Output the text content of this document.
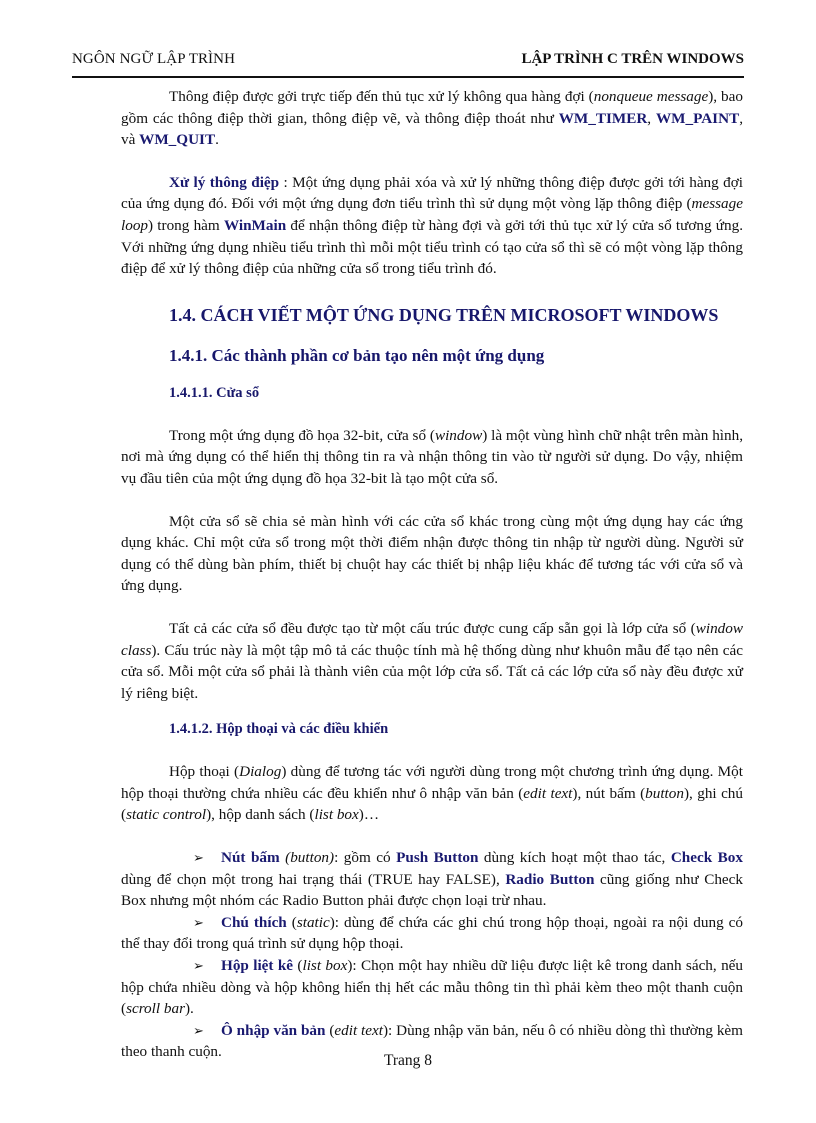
NGÔN NGỮ LẬP TRÌNH	LẬP TRÌNH C TRÊN WINDOWS

Thông điệp được gởi trực tiếp đến thủ tục xử lý không qua hàng đợi (nonqueue message), bao gồm các thông điệp thời gian, thông điệp vẽ, và thông điệp thoát như WM_TIMER, WM_PAINT, và WM_QUIT.

Xử lý thông điệp : Một ứng dụng phải xóa và xử lý những thông điệp được gởi tới hàng đợi của ứng dụng đó. Đối với một ứng dụng đơn tiểu trình thì sử dụng một vòng lặp thông điệp (message loop) trong hàm WinMain để nhận thông điệp từ hàng đợi và gởi tới thủ tục xử lý cửa sổ tương ứng. Với những ứng dụng nhiều tiểu trình thì mỗi một tiểu trình có tạo cửa sổ thì sẽ có một vòng lặp thông điệp để xử lý thông điệp của những cửa sổ trong tiểu trình đó.

1.4. CÁCH VIẾT MỘT ỨNG DỤNG TRÊN MICROSOFT WINDOWS
1.4.1. Các thành phần cơ bản tạo nên một ứng dụng
1.4.1.1. Cửa sổ

Trong một ứng dụng đồ họa 32-bit, cửa sổ (window) là một vùng hình chữ nhật trên màn hình, nơi mà ứng dụng có thể hiển thị thông tin ra và nhận thông tin vào từ người sử dụng. Do vậy, nhiệm vụ đầu tiên của một ứng dụng đồ họa 32-bit là tạo một cửa sổ.

Một cửa sổ sẽ chia sẻ màn hình với các cửa sổ khác trong cùng một ứng dụng hay các ứng dụng khác. Chỉ một cửa sổ trong một thời điểm nhận được thông tin nhập từ người dùng. Người sử dụng có thể dùng bàn phím, thiết bị chuột hay các thiết bị nhập liệu khác để tương tác với cửa sổ và ứng dụng.

Tất cả các cửa sổ đều được tạo từ một cấu trúc được cung cấp sẵn gọi là lớp cửa sổ (window class). Cấu trúc này là một tập mô tả các thuộc tính mà hệ thống dùng như khuôn mẫu để tạo nên các cửa sổ. Mỗi một cửa sổ phải là thành viên của một lớp cửa sổ. Tất cả các lớp cửa sổ này đều được xử lý riêng biệt.

1.4.1.2. Hộp thoại và các điều khiển

Hộp thoại (Dialog) dùng để tương tác với người dùng trong một chương trình ứng dụng. Một hộp thoại thường chứa nhiều các đều khiển như ô nhập văn bản (edit text), nút bấm (button), ghi chú (static control), hộp danh sách (list box)…

➢ Nút bấm (button): gồm có Push Button dùng kích hoạt một thao tác, Check Box dùng để chọn một trong hai trạng thái (TRUE hay FALSE), Radio Button cũng giống như Check Box nhưng một nhóm các Radio Button phải được chọn loại trừ nhau.

➢ Chú thích (static): dùng để chứa các ghi chú trong hộp thoại, ngoài ra nội dung có thể thay đổi trong quá trình sử dụng hộp thoại.

➢ Hộp liệt kê (list box): Chọn một hay nhiều dữ liệu được liệt kê trong danh sách, nếu hộp chứa nhiều dòng và hộp không hiển thị hết các mẫu thông tin thì phải kèm theo một thanh cuộn (scroll bar).

➢ Ô nhập văn bản (edit text): Dùng nhập văn bản, nếu ô có nhiều dòng thì thường kèm theo thanh cuộn.

Trang 8
